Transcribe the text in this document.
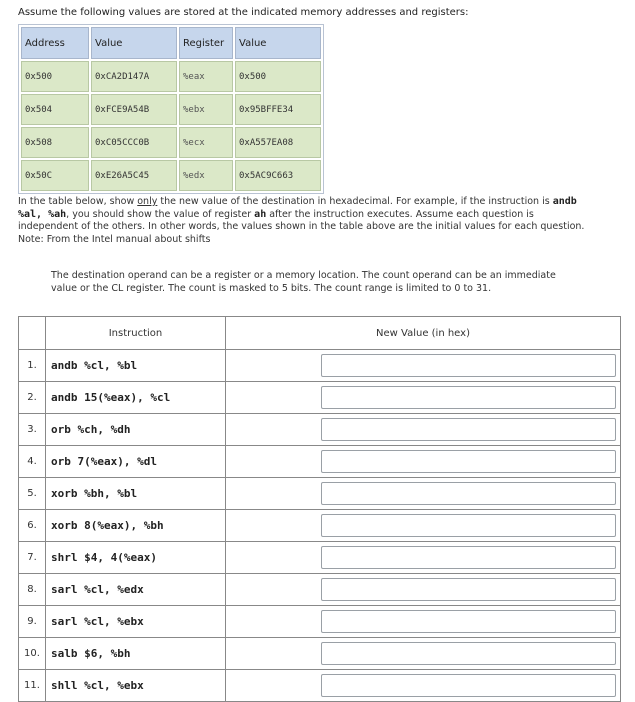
Assume the following values are stored at the indicated memory addresses and registers:
Address	Value	Register	Value
0x500	0xCA2D147A	%eax	0x500
0x504	0xFCE9A54B	%ebx	0x95BFFE34
0x508	0xC05CCC0B	%ecx	0xA557EA08
0x50C	0xE26A5C45	%edx	0x5AC9C663
In the table below, show only the new value of the destination in hexadecimal. For example, if the instruction is andb %al, %ah, you should show the value of register ah after the instruction executes. Assume each question is independent of the others. In other words, the values shown in the table above are the initial values for each question. Note: From the Intel manual about shifts
The destination operand can be a register or a memory location. The count operand can be an immediate value or the CL register. The count is masked to 5 bits. The count range is limited to 0 to 31.
	Instruction	New Value (in hex)
1.	andb %cl, %bl	

2.	andb 15(%eax), %cl	

3.	orb %ch, %dh	

4.	orb 7(%eax), %dl	

5.	xorb %bh, %bl	

6.	xorb 8(%eax), %bh	

7.	shrl $4, 4(%eax)	

8.	sarl %cl, %edx	

9.	sarl %cl, %ebx	

10.	salb $6, %bh	

11.	shll %cl, %ebx	
